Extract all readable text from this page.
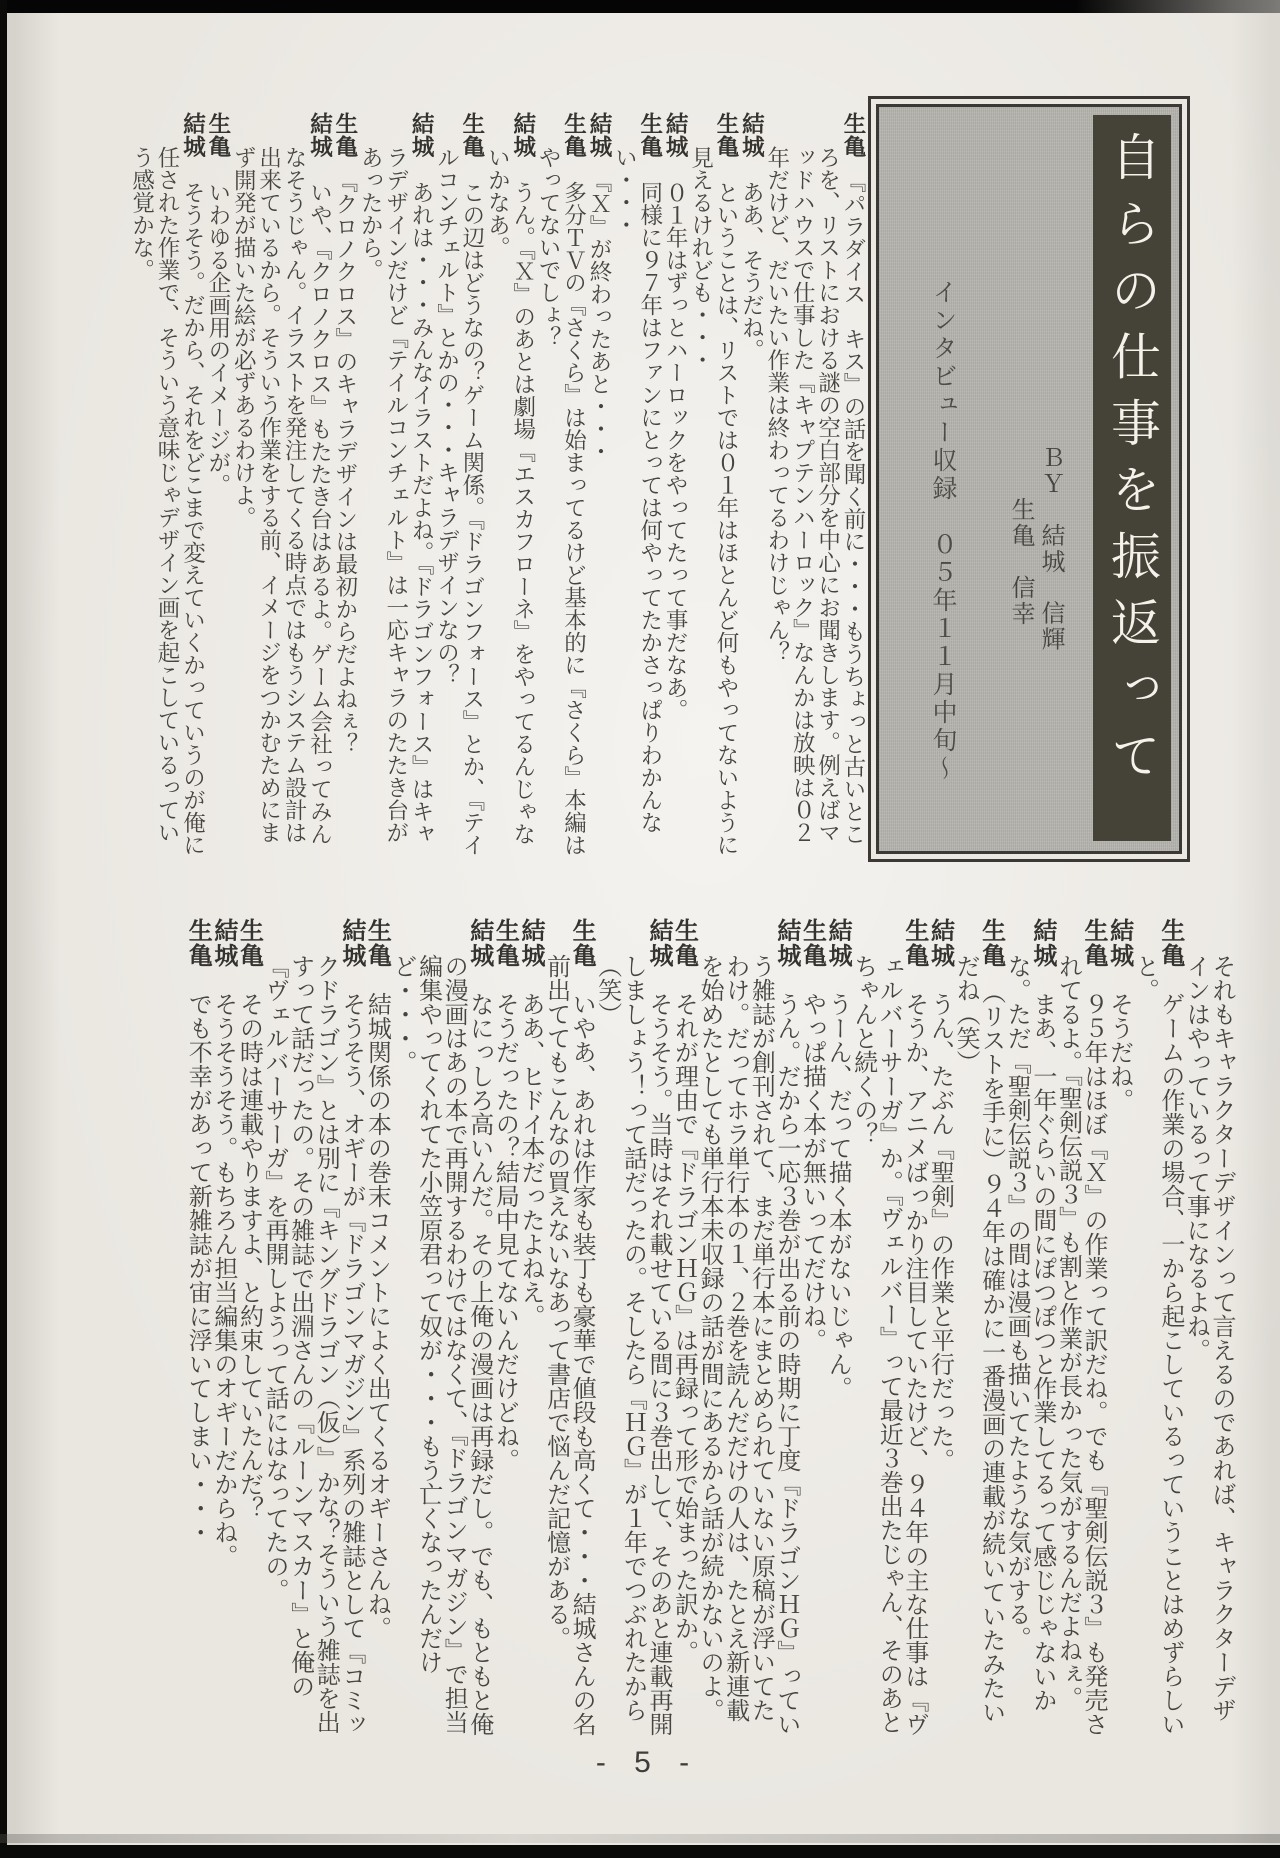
自らの仕事を振返って
インタビュー収録　０５年１１月中旬～	ＢＹ　結城　信輝
生亀　信幸

生亀　『パラダイス　キス』の話を聞く前に・・・もうちょっと古いところを、リストにおける謎の空白部分を中心にお聞きします。例えばマッドハウスで仕事した『キャプテンハーロック』なんかは放映は０２年だけど、だいたい作業は終わってるわけじゃん？

結城　ああ、そうだね。

生亀　ということは、リストでは０１年はほとんど何もやってないように見えるけれども・・・

結城　０１年はずっとハーロックをやってたって事だなあ。

生亀　同様に９７年はファンにとっては何やってたかさっぱりわかんない・・・

結城　『Ｘ』が終わったあと・・・

生亀　多分ＴＶの『さくら』は始まってるけど基本的に『さくら』本編はやってないでしょ？

結城　うん。『Ｘ』のあとは劇場『エスカフローネ』をやってるんじゃないかなあ。

生亀　この辺はどうなの？ゲーム関係。『ドラゴンフォース』とか、『テイルコンチェルト』とかの・・・キャラデザインなの？

結城　あれは・・・みんなイラストだよね。『ドラゴンフォース』はキャラデザインだけど『テイルコンチェルト』は一応キャラのたたき台があったから。

生亀　『クロノクロス』のキャラデザインは最初からだよねぇ？

結城　いや、『クロノクロス』もたたき台はあるよ。ゲーム会社ってみんなそうじゃん。イラストを発注してくる時点ではもうシステム設計は出来ているから。そういう作業をする前、イメージをつかむためにまず開発が描いた絵が必ずあるわけよ。

生亀　いわゆる企画用のイメージが。

結城　そうそう。だから、それをどこまで変えていくかっていうのが俺に任された作業で、そういう意味じゃデザイン画を起こしているっていう感覚かな。

それもキャラクターデザインって言えるのであれば、キャラクターデザインはやっているって事になるよね。

生亀　ゲームの作業の場合、一から起こしているっていうことはめずらしいと。

結城　そうだね。

生亀　９５年はほぼ『Ｘ』の作業って訳だね。でも『聖剣伝説３』も発売されてるよ。『聖剣伝説３』も割と作業が長かった気がするんだよねぇ。

結城　まあ、一年ぐらいの間にぽつぽつと作業してるって感じじゃないかな。ただ『聖剣伝説３』の間は漫画も描いてたような気がする。

生亀　（リストを手に）９４年は確かに一番漫画の連載が続いていたみたいだね（笑）

結城　うん、たぶん『聖剣』の作業と平行だった。

生亀　そうか、アニメばっかり注目していたけど、９４年の主な仕事は『ヴェルバーサーガ』か。『ヴェルバー』って最近３巻出たじゃん、そのあとちゃんと続くの？

結城　うーん、だって描く本がないじゃん。

生亀　やっぱ描く本が無いってだけね。

結城　うん。だから一応３巻が出る前の時期に丁度『ドラゴンＨＧ』っていう雑誌が創刊されて、まだ単行本にまとめられていない原稿が浮いてたわけ。だってホラ単行本の１、２巻を読んだだけの人は、たとえ新連載を始めたとしても単行本未収録の話が間にあるから話が続かないのよ。

生亀　それが理由で『ドラゴンＨＧ』は再録って形で始まった訳か。

結城　そうそう。当時はそれ載せている間に３巻出して、そのあと連載再開しましょう！って話だったの。そしたら『ＨＧ』が１年でつぶれたから（笑）

生亀　いやあ、あれは作家も装丁も豪華で値段も高くて・・・結城さんの名前出ててもこんなの買えないなあって書店で悩んだ記憶がある。

結城　ああ、ヒドイ本だったよねえ。

生亀　そうだったの？結局中見てないんだけどね。

結城　なにっしろ高いんだ。その上俺の漫画は再録だし。でも、もともと俺の漫画はあの本で再開するわけではなくて、『ドラゴンマガジン』で担当編集やってくれてた小笠原君って奴が・・・もう亡くなったんだけど・・・。

生亀　結城関係の本の巻末コメントによく出てくるオギーさんね。

結城　そうそう、オギーが『ドラゴンマガジン』系列の雑誌として『コミックドラゴン』とは別に『キングドラゴン（仮）』かな？そういう雑誌を出すって話だったの。その雑誌で出淵さんの『ルーンマスカー』と俺の『ヴェルバーサーガ』を再開しようって話にはなってたの。

生亀　その時は連載やりますよ、と約束していたんだ？

結城　そうそうそう。もちろん担当編集のオギーだからね。

生亀　でも不幸があって新雑誌が宙に浮いてしまい・・・

- 5 -
